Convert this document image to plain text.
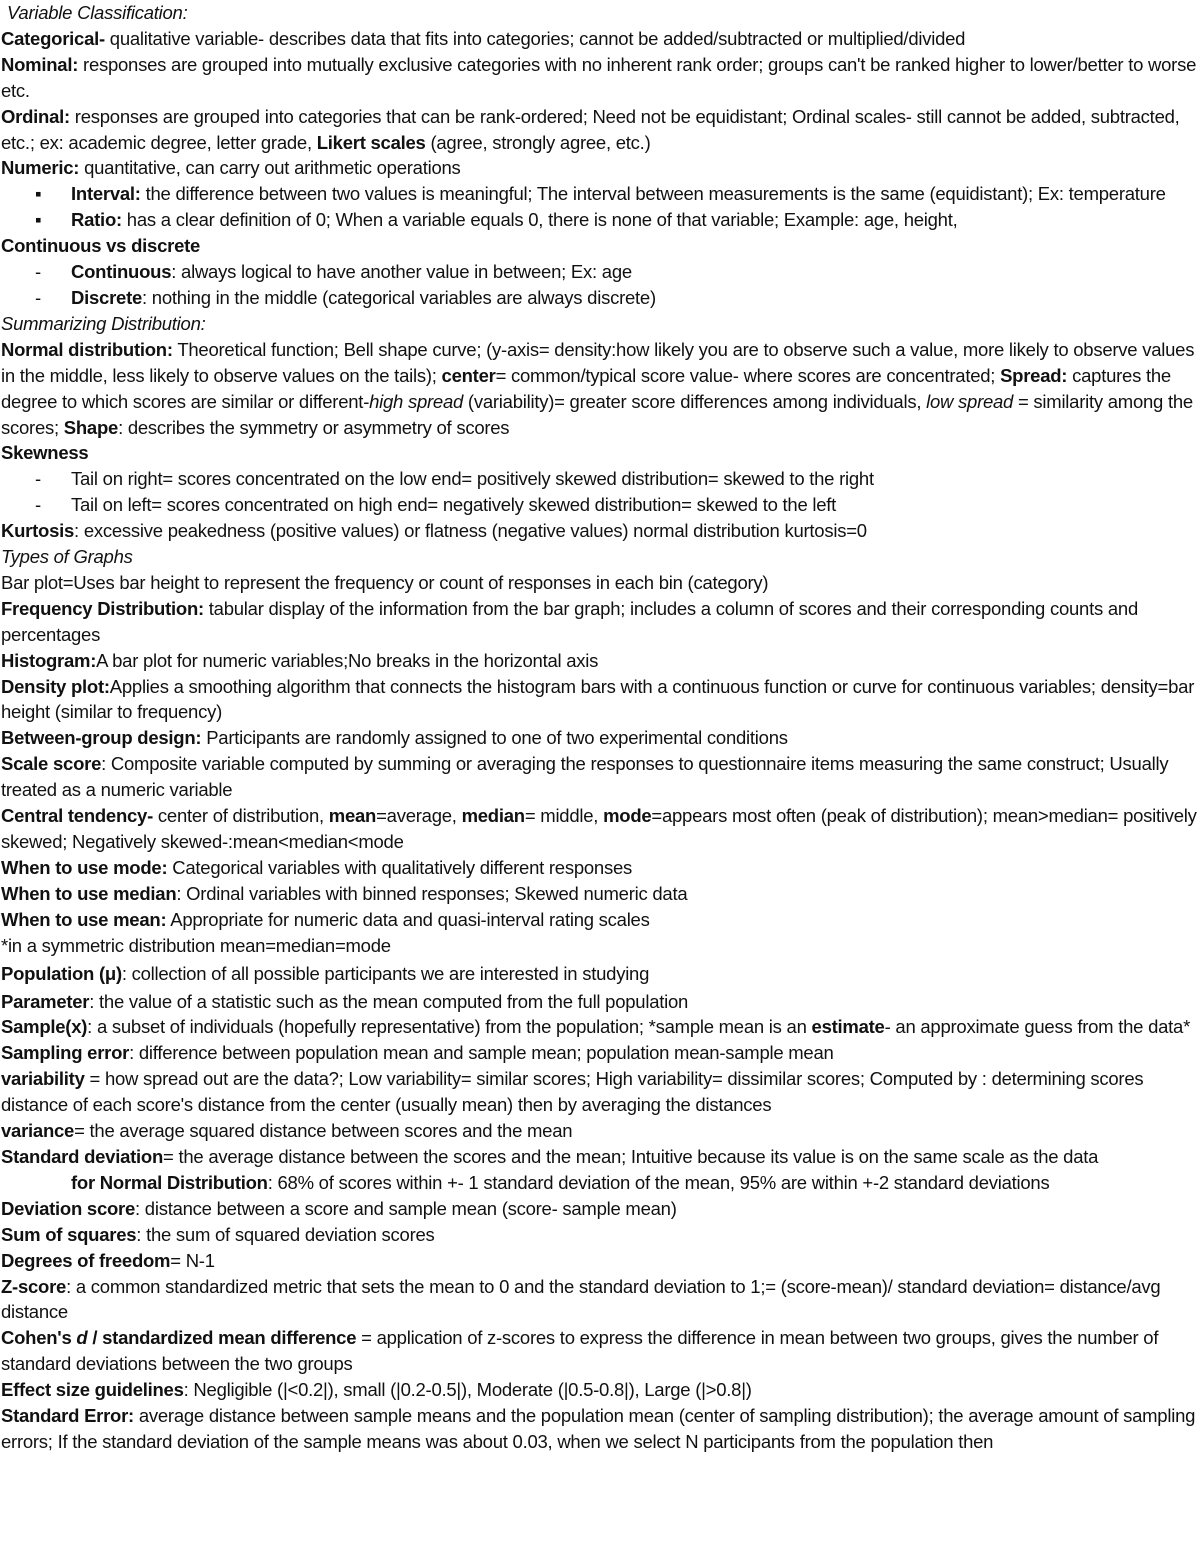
Variable Classification:

Categorical- qualitative variable- describes data that fits into categories; cannot be added/subtracted or multiplied/divided

Nominal: responses are grouped into mutually exclusive categories with no inherent rank order; groups can't be ranked higher to lower/better to worse etc.

Ordinal: responses are grouped into categories that can be rank-ordered; Need not be equidistant; Ordinal scales- still cannot be added, subtracted, etc.; ex: academic degree, letter grade, Likert scales (agree, strongly agree, etc.)

Numeric: quantitative, can carry out arithmetic operations

▪ Interval: the difference between two values is meaningful; The interval between measurements is the same (equidistant); Ex: temperature

▪ Ratio: has a clear definition of 0; When a variable equals 0, there is none of that variable; Example: age, height,

Continuous vs discrete

- Continuous: always logical to have another value in between; Ex: age

- Discrete: nothing in the middle (categorical variables are always discrete)

Summarizing Distribution:

Normal distribution: Theoretical function; Bell shape curve; (y-axis= density:how likely you are to observe such a value, more likely to observe values in the middle, less likely to observe values on the tails); center= common/typical score value- where scores are concentrated; Spread: captures the degree to which scores are similar or different-high spread (variability)= greater score differences among individuals, low spread = similarity among the scores; Shape: describes the symmetry or asymmetry of scores

Skewness

- Tail on right= scores concentrated on the low end= positively skewed distribution= skewed to the right

- Tail on left= scores concentrated on high end= negatively skewed distribution= skewed to the left

Kurtosis: excessive peakedness (positive values) or flatness (negative values) normal distribution kurtosis=0

Types of Graphs

Bar plot=Uses bar height to represent the frequency or count of responses in each bin (category)

Frequency Distribution: tabular display of the information from the bar graph; includes a column of scores and their corresponding counts and percentages

Histogram:A bar plot for numeric variables;No breaks in the horizontal axis

Density plot:Applies a smoothing algorithm that connects the histogram bars with a continuous function or curve for continuous variables; density=bar height (similar to frequency)

Between-group design: Participants are randomly assigned to one of two experimental conditions

Scale score: Composite variable computed by summing or averaging the responses to questionnaire items measuring the same construct; Usually treated as a numeric variable

Central tendency- center of distribution, mean=average, median= middle, mode=appears most often (peak of distribution); mean>median= positively skewed; Negatively skewed-:mean<median<mode

When to use mode: Categorical variables with qualitatively different responses

When to use median: Ordinal variables with binned responses; Skewed numeric data

When to use mean: Appropriate for numeric data and quasi-interval rating scales

*in a symmetric distribution mean=median=mode

Population (μ): collection of all possible participants we are interested in studying

Parameter: the value of a statistic such as the mean computed from the full population

Sample(x): a subset of individuals (hopefully representative) from the population; *sample mean is an estimate- an approximate guess from the data*

Sampling error: difference between population mean and sample mean; population mean-sample mean

variability = how spread out are the data?; Low variability= similar scores; High variability= dissimilar scores; Computed by : determining scores distance of each score's distance from the center (usually mean) then by averaging the distances

variance= the average squared distance between scores and the mean

Standard deviation= the average distance between the scores and the mean; Intuitive because its value is on the same scale as the data

for Normal Distribution: 68% of scores within +- 1 standard deviation of the mean, 95% are within +-2 standard deviations

Deviation score: distance between a score and sample mean (score- sample mean)

Sum of squares: the sum of squared deviation scores

Degrees of freedom= N-1

Z-score: a common standardized metric that sets the mean to 0 and the standard deviation to 1;= (score-mean)/ standard deviation= distance/avg distance

Cohen's d / standardized mean difference = application of z-scores to express the difference in mean between two groups, gives the number of standard deviations between the two groups

Effect size guidelines: Negligible (|<0.2|), small (|0.2-0.5|), Moderate (|0.5-0.8|), Large (|>0.8|)

Standard Error: average distance between sample means and the population mean (center of sampling distribution); the average amount of sampling errors; If the standard deviation of the sample means was about 0.03, when we select N participants from the population then
